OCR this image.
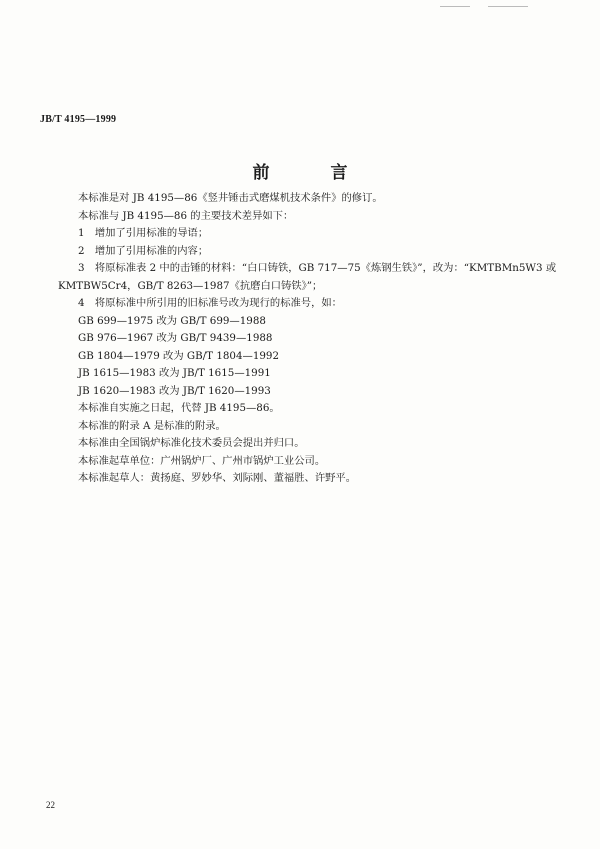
JB/T 4195—1999
前　言
本标准是对 JB 4195—86《竖井锤击式磨煤机技术条件》的修订。
本标准与 JB 4195—86 的主要技术差异如下：
1　增加了引用标准的导语；
2　增加了引用标准的内容；
3　将原标准表 2 中的击锤的材料：“白口铸铁，GB 717—75《炼钢生铁》”，改为：“KMTBMn5W3 或
KMTBW5Cr4，GB/T 8263—1987《抗磨白口铸铁》”；
4　将原标准中所引用的旧标准号改为现行的标准号，如：
GB 699—1975 改为 GB/T 699—1988
GB 976—1967 改为 GB/T 9439—1988
GB 1804—1979 改为 GB/T 1804—1992
JB 1615—1983 改为 JB/T 1615—1991
JB 1620—1983 改为 JB/T 1620—1993
本标准自实施之日起，代替 JB 4195—86。
本标准的附录 A 是标准的附录。
本标准由全国锅炉标准化技术委员会提出并归口。
本标准起草单位：广州锅炉厂、广州市锅炉工业公司。
本标准起草人：黄扬庭、罗妙华、刘际刚、董福胜、许野平。
22
